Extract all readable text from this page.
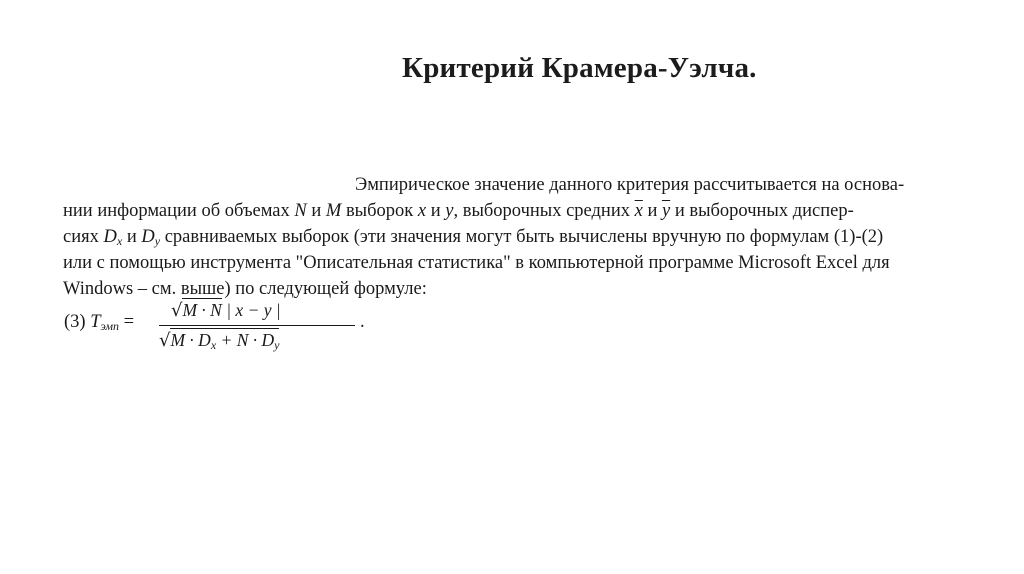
Критерий Крамера-Уэлча.
Эмпирическое значение данного критерия рассчитывается на основа-
нии информации об объемах N и M выборок x и y, выборочных средних $\overline{x}$ и $\overline{y}$ и выборочных диспер-
сиях $D_x$ и $D_y$ сравниваемых выборок (эти значения могут быть вычислены вручную по формулам (1)-(2)
или с помощью инструмента "Описательная статистика" в компьютерной программе Microsoft Excel для
Windows – см. выше) по следующей формуле:
(3) $T_{эмп}$ =
√M · N | x − y |
$√M \cdot D_x + N \cdot D_y$
.
